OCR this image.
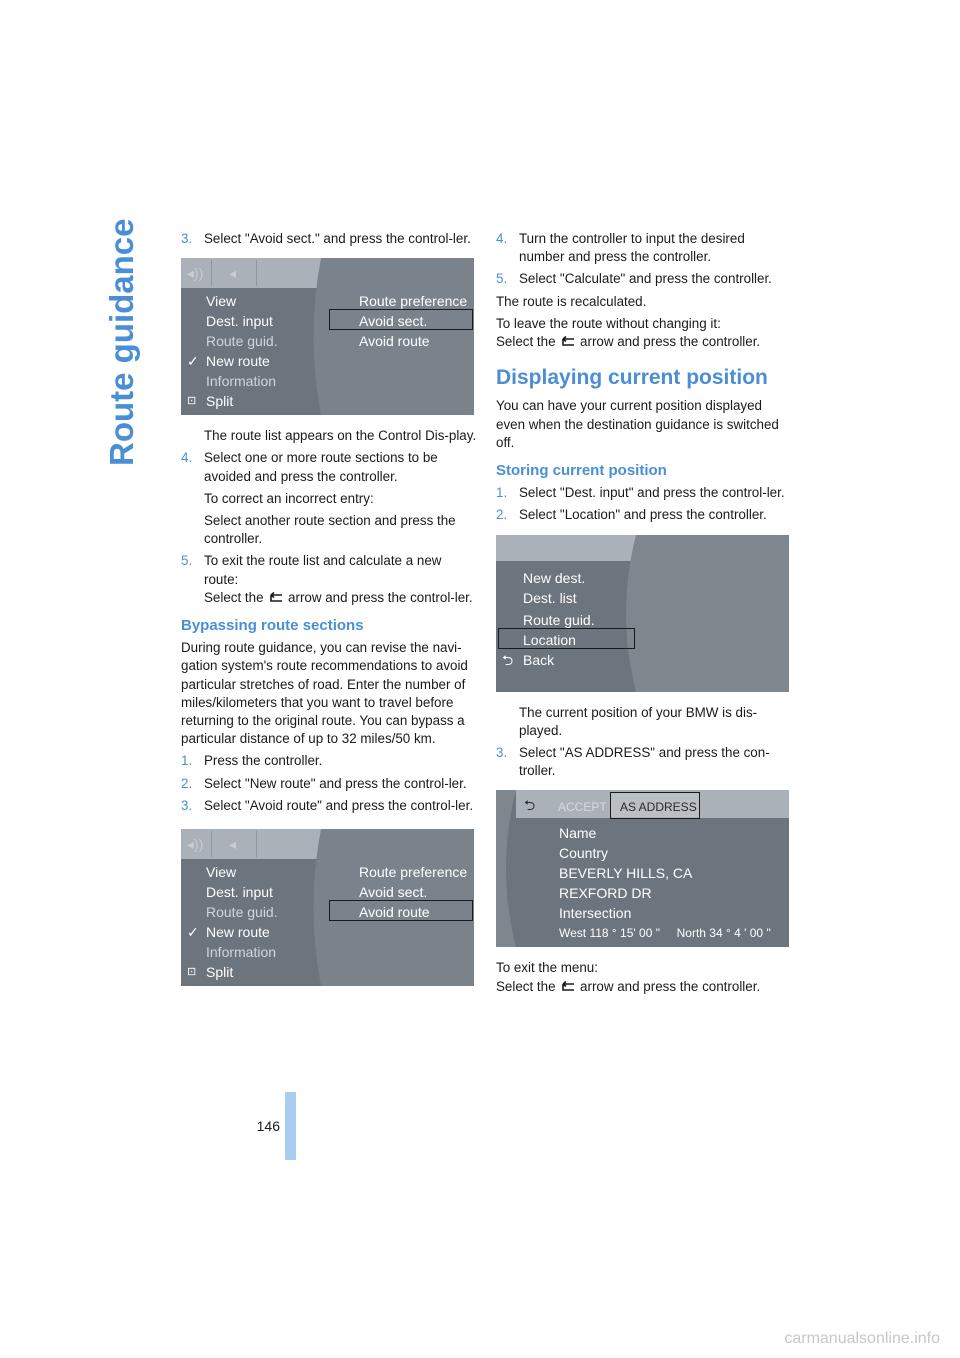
Route guidance
146
3. Select "Avoid sect." and press the control-ler.
◂)) ◂
View
Dest. input
Route guid.
✓ New route
Information
⊡ Split
Route preference
Avoid sect.
Avoid route
The route list appears on the Control Dis-play.
4. Select one or more route sections to be avoided and press the controller.
To correct an incorrect entry:
Select another route section and press the controller.
5. To exit the route list and calculate a new route:
Select the arrow and press the control-ler.
Bypassing route sections

During route guidance, you can revise the navi-gation system's route recommendations to avoid particular stretches of road. Enter the number of miles/kilometers that you want to travel before returning to the original route. You can bypass a particular distance of up to 32 miles/50 km.

1. Press the controller.
2. Select "New route" and press the control-ler.
3. Select "Avoid route" and press the control-ler.
◂)) ◂
View
Dest. input
Route guid.
✓ New route
Information
⊡ Split
Route preference
Avoid sect.
Avoid route
4. Turn the controller to input the desired number and press the controller.
5. Select "Calculate" and press the controller.

The route is recalculated.

To leave the route without changing it:
Select the arrow and press the controller.

Displaying current position

You can have your current position displayed even when the destination guidance is switched off.

Storing current position
1. Select "Dest. input" and press the control-ler.
2. Select "Location" and press the controller.
New dest.
Dest. list
Route guid.
Location
⮌ Back
The current position of your BMW is dis-played.
3. Select "AS ADDRESS" and press the con-troller.
⮌ ACCEPT AS ADDRESS
Name
Country
BEVERLY HILLS, CA
REXFORD DR
Intersection
West 118 ° 15' 00 "     North 34 ° 4 ' 00 "

To exit the menu:
Select the arrow and press the controller.

carmanualsonline.info
